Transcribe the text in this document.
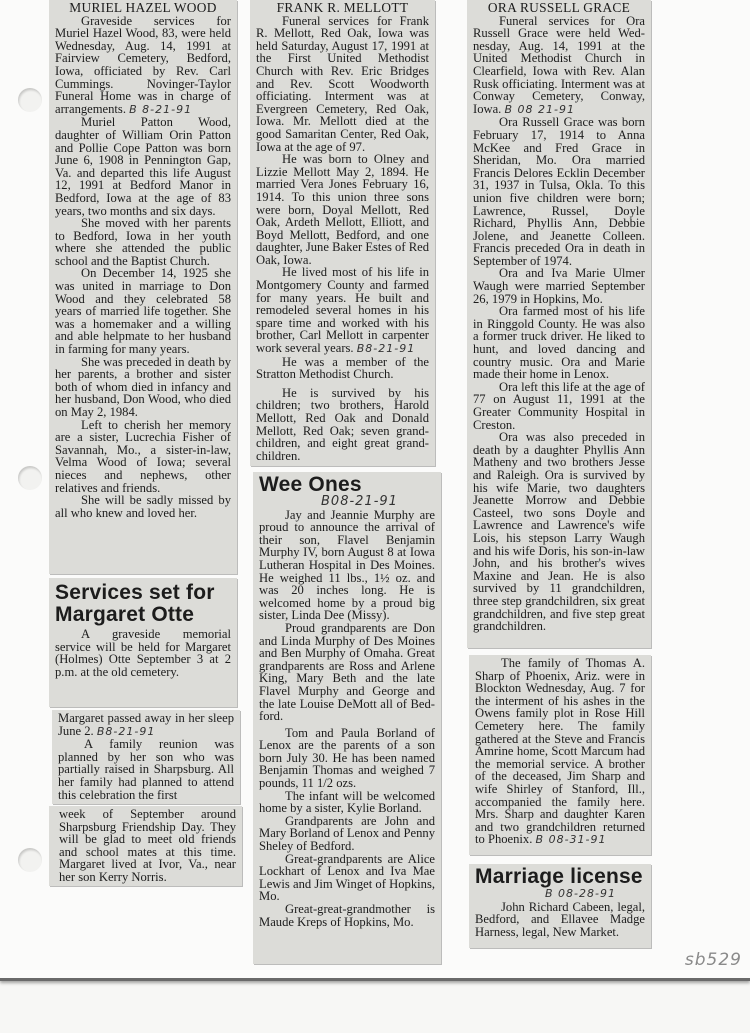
MURIEL HAZEL WOOD

Graveside services for Muriel Hazel Wood, 83, were held Wednesday, Aug. 14, 1991 at Fairview Cemetery, Bedford, Iowa, officiated by Rev. Carl Cummings. Novinger-Taylor Funeral Home was in charge of arrangements. B 8-21-91

Muriel Patton Wood, daughter of William Orin Patton and Pollie Cope Patton was born June 6, 1908 in Pennington Gap, Va. and departed this life August 12, 1991 at Bedford Manor in Bedford, Iowa at the age of 83 years, two months and six days.

She moved with her parents to Bedford, Iowa in her youth where she attended the public school and the Baptist Church.

On December 14, 1925 she was united in marriage to Don Wood and they celebrated 58 years of married life together. She was a homemaker and a willing and able helpmate to her husband in farming for many years.

She was preceded in death by her parents, a brother and sister both of whom died in infancy and her husband, Don Wood, who died on May 2, 1984.

Left to cherish her memory are a sister, Lucrechia Fisher of Savannah, Mo., a sister-in-law, Velma Wood of Iowa; several nieces and nephews, other relatives and friends.

She will be sadly missed by all who knew and loved her.

Services set for Margaret Otte

A graveside memorial service will be held for Margaret (Holmes) Otte September 3 at 2 p.m. at the old cemetery.

Margaret passed away in her sleep June 2. B8-21-91

A family reunion was planned by her son who was partially raised in Sharpsburg. All her family had planned to attend this celebration the first

week of September around Sharpsburg Friendship Day. They will be glad to meet old friends and school mates at this time. Margaret lived at Ivor, Va., near her son Kerry Norris.

FRANK R. MELLOTT

Funeral services for Frank R. Mellott, Red Oak, Iowa was held Saturday, August 17, 1991 at the First United Methodist Church with Rev. Eric Bridges and Rev. Scott Woodworth officiating. Interment was at Evergreen Cemetery, Red Oak, Iowa. Mr. Mellott died at the good Samaritan Center, Red Oak, Iowa at the age of 97.

He was born to Olney and Lizzie Mellott May 2, 1894. He married Vera Jones February 16, 1914. To this union three sons were born, Doyal Mellott, Red Oak, Ardeth Mellott, Elliott, and Boyd Mellott, Bedford, and one daughter, June Baker Estes of Red Oak, Iowa.

He lived most of his life in Montgomery County and farmed for many years. He built and remodeled several homes in his spare time and worked with his brother, Carl Mellott in carpenter work several years. B8-21-91

He was a member of the Stratton Methodist Church.

He is survived by his children; two brothers, Harold Mellott, Red Oak and Donald Mellott, Red Oak; seven grandchildren, and eight great grandchildren.

Wee Ones

B08-21-91

Jay and Jeannie Murphy are proud to announce the arrival of their son, Flavel Benjamin Murphy IV, born August 8 at Iowa Lutheran Hospital in Des Moines. He weighed 11 lbs., 1½ oz. and was 20 inches long. He is welcomed home by a proud big sister, Linda Dee (Missy).

Proud grandparents are Don and Linda Murphy of Des Moines and Ben Murphy of Omaha. Great grandparents are Ross and Arlene King, Mary Beth and the late Flavel Murphy and George and the late Louise DeMott all of Bedford.

Tom and Paula Borland of Lenox are the parents of a son born July 30. He has been named Benjamin Thomas and weighed 7 pounds, 11 1/2 ozs.

The infant will be welcomed home by a sister, Kylie Borland.

Grandparents are John and Mary Borland of Lenox and Penny Sheley of Bedford.

Great-grandparents are Alice Lockhart of Lenox and Iva Mae Lewis and Jim Winget of Hopkins, Mo.

Great-great-grandmother is Maude Kreps of Hopkins, Mo.

ORA RUSSELL GRACE

Funeral services for Ora Russell Grace were held Wednesday, Aug. 14, 1991 at the United Methodist Church in Clearfield, Iowa with Rev. Alan Rusk officiating. Interment was at Conway Cemetery, Conway, Iowa. B 08 21-91

Ora Russell Grace was born February 17, 1914 to Anna McKee and Fred Grace in Sheridan, Mo. Ora married Francis Delores Ecklin December 31, 1937 in Tulsa, Okla. To this union five children were born; Lawrence, Russel, Doyle Richard, Phyllis Ann, Debbie Jolene, and Jeanette Colleen. Francis preceded Ora in death in September of 1974.

Ora and Iva Marie Ulmer Waugh were married September 26, 1979 in Hopkins, Mo.

Ora farmed most of his life in Ringgold County. He was also a former truck driver. He liked to hunt, and loved dancing and country music. Ora and Marie made their home in Lenox.

Ora left this life at the age of 77 on August 11, 1991 at the Greater Community Hospital in Creston.

Ora was also preceded in death by a daughter Phyllis Ann Matheny and two brothers Jesse and Raleigh. Ora is survived by his wife Marie, two daughters Jeanette Morrow and Debbie Casteel, two sons Doyle and Lawrence and Lawrence's wife Lois, his stepson Larry Waugh and his wife Doris, his son-in-law John, and his brother's wives Maxine and Jean. He is also survived by 11 grandchildren, three step grandchildren, six great grandchildren, and five step great grandchildren.

The family of Thomas A. Sharp of Phoenix, Ariz. were in Blockton Wednesday, Aug. 7 for the interment of his ashes in the Owens family plot in Rose Hill Cemetery here. The family gathered at the Steve and Francis Amrine home, Scott Marcum had the memorial service. A brother of the deceased, Jim Sharp and wife Shirley of Stanford, Ill., accompanied the family here. Mrs. Sharp and daughter Karen and two grandchildren returned to Phoenix. B 08-31-91

Marriage license

B 08-28-91

John Richard Cabeen, legal, Bedford, and Ellavee Madge Harness, legal, New Market.

sb529
